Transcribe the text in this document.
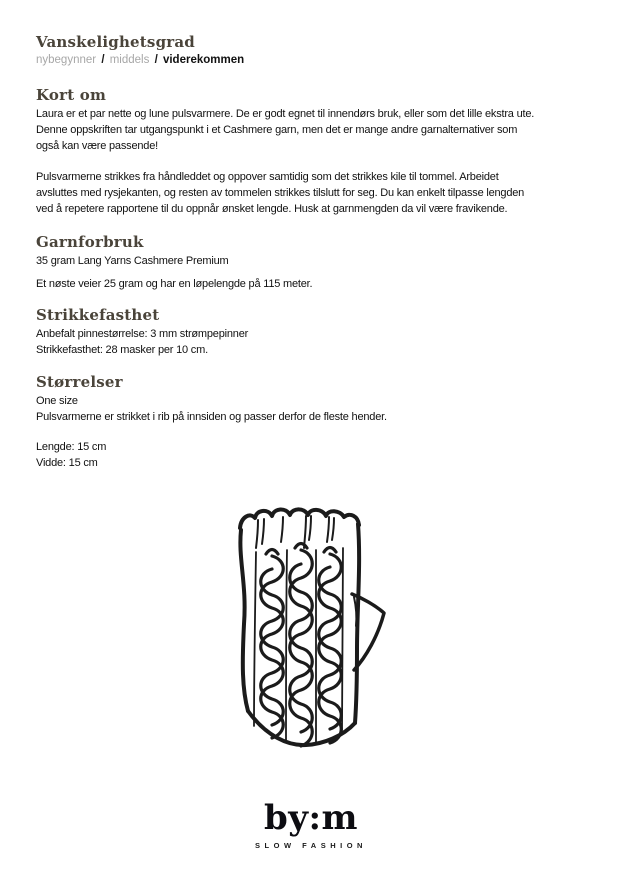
Vanskelighetsgrad
nybegynner / middels / viderekommen
Kort om
Laura er et par nette og lune pulsvarmere. De er godt egnet til innendørs bruk, eller som det lille ekstra ute.
Denne oppskriften tar utgangspunkt i et Cashmere garn, men det er mange andre garnalternativer som
også kan være passende!
Pulsvarmerne strikkes fra håndleddet og oppover samtidig som det strikkes kile til tommel. Arbeidet
avsluttes med rysjekanten, og resten av tommelen strikkes tilslutt for seg. Du kan enkelt tilpasse lengden
ved å repetere rapportene til du oppnår ønsket lengde. Husk at garnmengden da vil være fravikende.
Garnforbruk
35 gram Lang Yarns Cashmere Premium
Et nøste veier 25 gram og har en løpelengde på 115 meter.
Strikkefasthet
Anbefalt pinnestørrelse: 3 mm strømpepinner
Strikkefasthet: 28 masker per 10 cm.
Størrelser
One size
Pulsvarmerne er strikket i rib på innsiden og passer derfor de fleste hender.
Lengde: 15 cm
Vidde: 15 cm
by:m
SLOW FASHION
